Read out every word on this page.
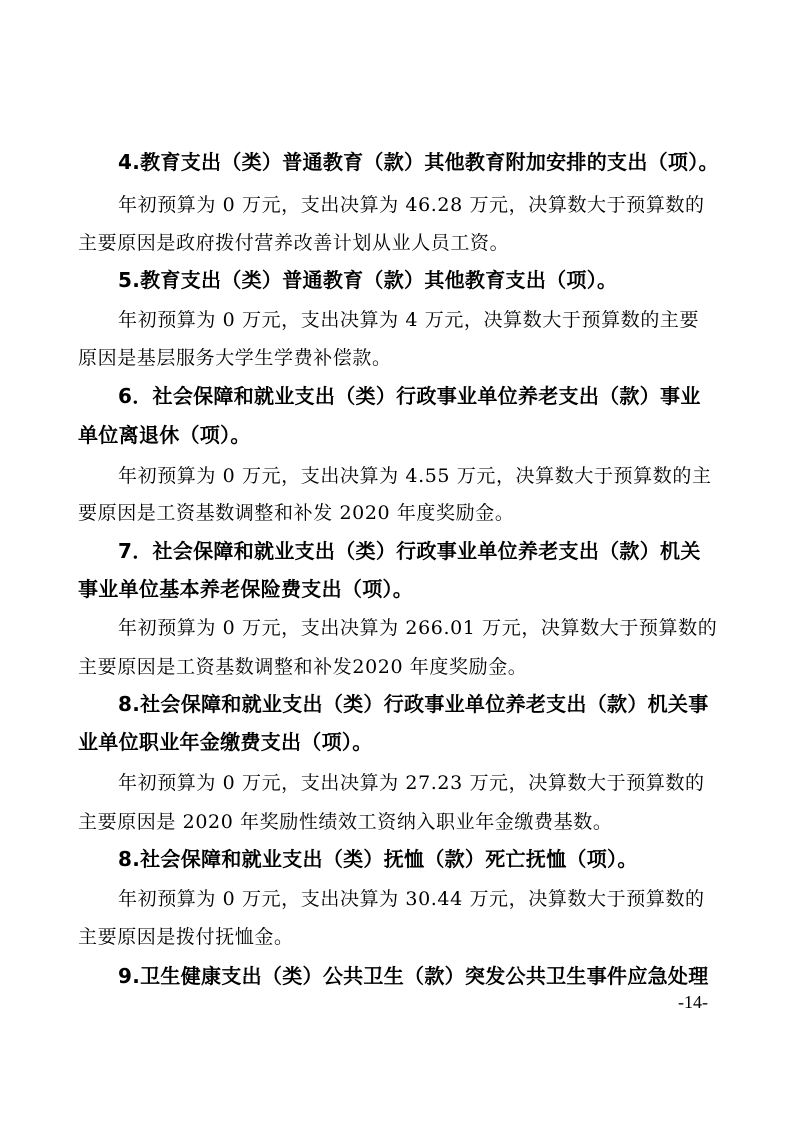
4.教育支出（类）普通教育（款）其他教育附加安排的支出（项）。
年初预算为 0 万元，支出决算为 46.28 万元，决算数大于预算数的
主要原因是政府拨付营养改善计划从业人员工资。
5.教育支出（类）普通教育（款）其他教育支出（项）。
年初预算为 0 万元，支出决算为 4 万元，决算数大于预算数的主要
原因是基层服务大学生学费补偿款。
6．社会保障和就业支出（类）行政事业单位养老支出（款）事业
单位离退休（项）。
年初预算为 0 万元，支出决算为 4.55 万元，决算数大于预算数的主
要原因是工资基数调整和补发 2020 年度奖励金。
7．社会保障和就业支出（类）行政事业单位养老支出（款）机关
事业单位基本养老保险费支出（项）。
年初预算为 0 万元，支出决算为 266.01 万元，决算数大于预算数的
主要原因是工资基数调整和补发2020 年度奖励金。
8.社会保障和就业支出（类）行政事业单位养老支出（款）机关事
业单位职业年金缴费支出（项）。
年初预算为 0 万元，支出决算为 27.23 万元，决算数大于预算数的
主要原因是 2020 年奖励性绩效工资纳入职业年金缴费基数。
8.社会保障和就业支出（类）抚恤（款）死亡抚恤（项）。
年初预算为 0 万元，支出决算为 30.44 万元，决算数大于预算数的
主要原因是拨付抚恤金。
9.卫生健康支出（类）公共卫生（款）突发公共卫生事件应急处理
-14-
